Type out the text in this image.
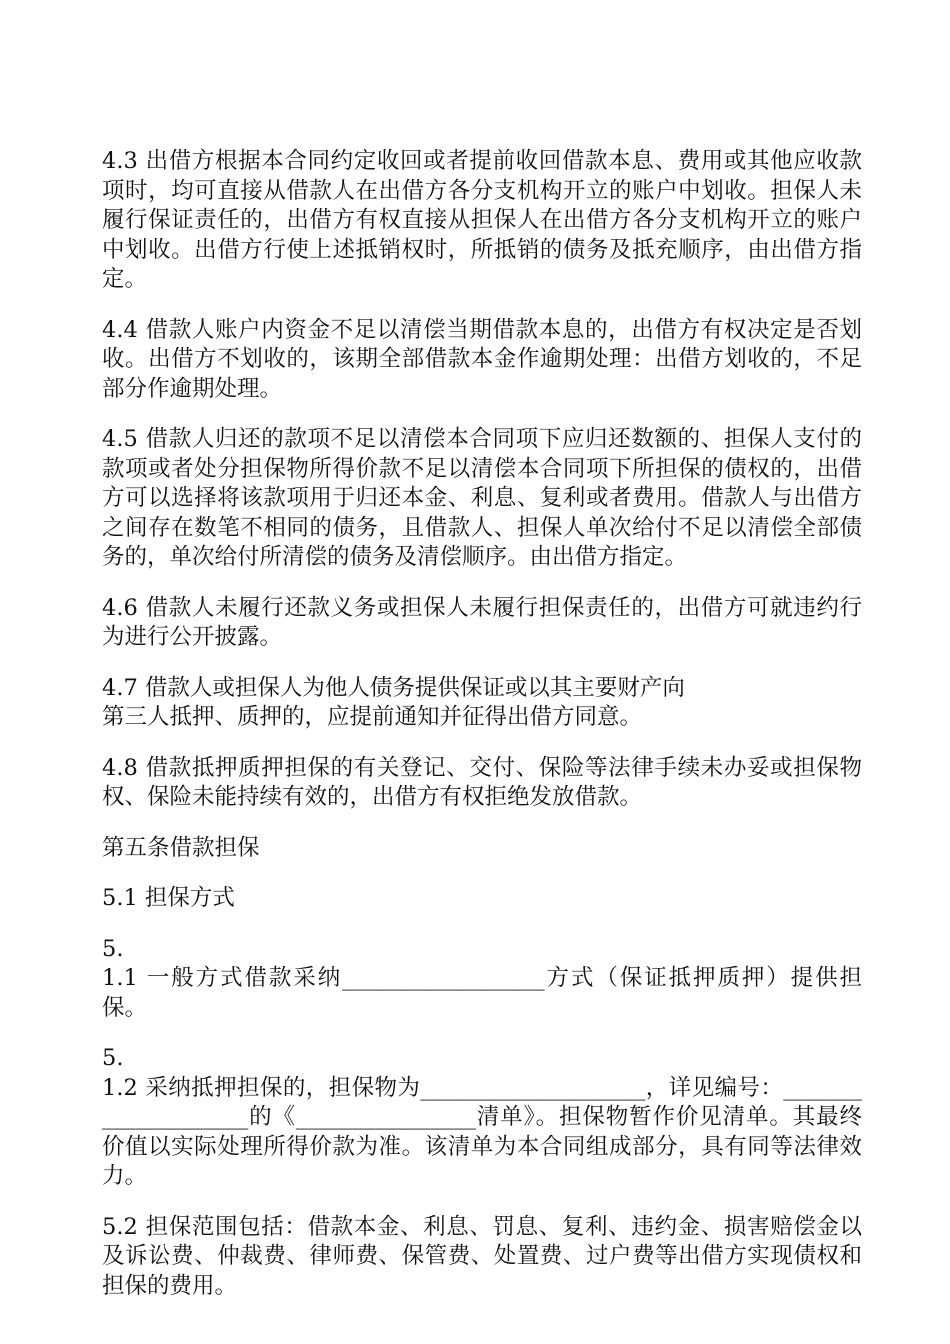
4.3 出借方根据本合同约定收回或者提前收回借款本息、费用或其他应收款项时，均可直接从借款人在出借方各分支机构开立的账户中划收。担保人未履行保证责任的，出借方有权直接从担保人在出借方各分支机构开立的账户中划收。出借方行使上述抵销权时，所抵销的债务及抵充顺序，由出借方指定。

4.4 借款人账户内资金不足以清偿当期借款本息的，出借方有权决定是否划收。出借方不划收的，该期全部借款本金作逾期处理：出借方划收的，不足部分作逾期处理。

4.5 借款人归还的款项不足以清偿本合同项下应归还数额的、担保人支付的款项或者处分担保物所得价款不足以清偿本合同项下所担保的债权的，出借方可以选择将该款项用于归还本金、利息、复利或者费用。借款人与出借方之间存在数笔不相同的债务，且借款人、担保人单次给付不足以清偿全部债务的，单次给付所清偿的债务及清偿顺序。由出借方指定。

4.6 借款人未履行还款义务或担保人未履行担保责任的，出借方可就违约行为进行公开披露。

4.7 借款人或担保人为他人债务提供保证或以其主要财产向
第三人抵押、质押的，应提前通知并征得出借方同意。

4.8 借款抵押质押担保的有关登记、交付、保险等法律手续未办妥或担保物权、保险未能持续有效的，出借方有权拒绝发放借款。

第五条借款担保

5.1 担保方式

5.
1.1 一般方式借款采纳__________________方式（保证抵押质押）提供担保。

5.
1.2 采纳抵押担保的，担保物为____________________，详见编号：____________________的《________________清单》。担保物暂作价见清单。其最终价值以实际处理所得价款为准。该清单为本合同组成部分，具有同等法律效力。

5.2 担保范围包括：借款本金、利息、罚息、复利、违约金、损害赔偿金以及诉讼费、仲裁费、律师费、保管费、处置费、过户费等出借方实现债权和担保的费用。
